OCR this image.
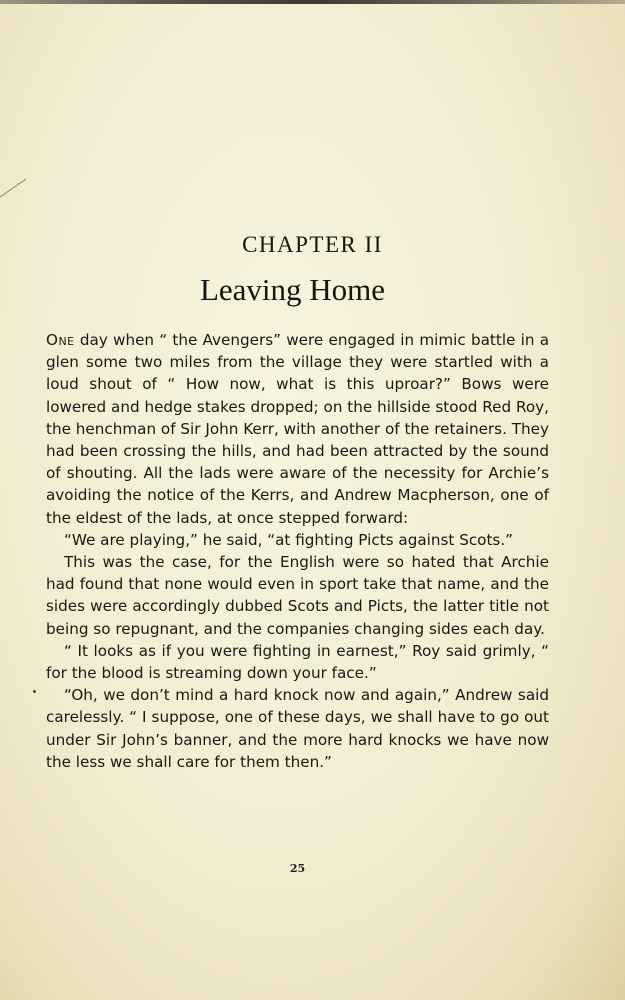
CHAPTER II
Leaving Home

One day when “ the Avengers” were engaged in mimic battle in a glen some two miles from the village they were startled with a loud shout of “ How now, what is this uproar?” Bows were lowered and hedge stakes dropped; on the hillside stood Red Roy, the henchman of Sir John Kerr, with another of the retainers. They had been crossing the hills, and had been attracted by the sound of shouting. All the lads were aware of the necessity for Archie’s avoiding the notice of the Kerrs, and Andrew Macpherson, one of the eldest of the lads, at once stepped forward:

“We are playing,” he said, “at fighting Picts against Scots.”

This was the case, for the English were so hated that Archie had found that none would even in sport take that name, and the sides were accordingly dubbed Scots and Picts, the latter title not being so repugnant, and the companies changing sides each day.

“ It looks as if you were fighting in earnest,” Roy said grimly, “ for the blood is streaming down your face.”

“Oh, we don’t mind a hard knock now and again,” Andrew said carelessly. “ I suppose, one of these days, we shall have to go out under Sir John’s banner, and the more hard knocks we have now the less we shall care for them then.”

25
